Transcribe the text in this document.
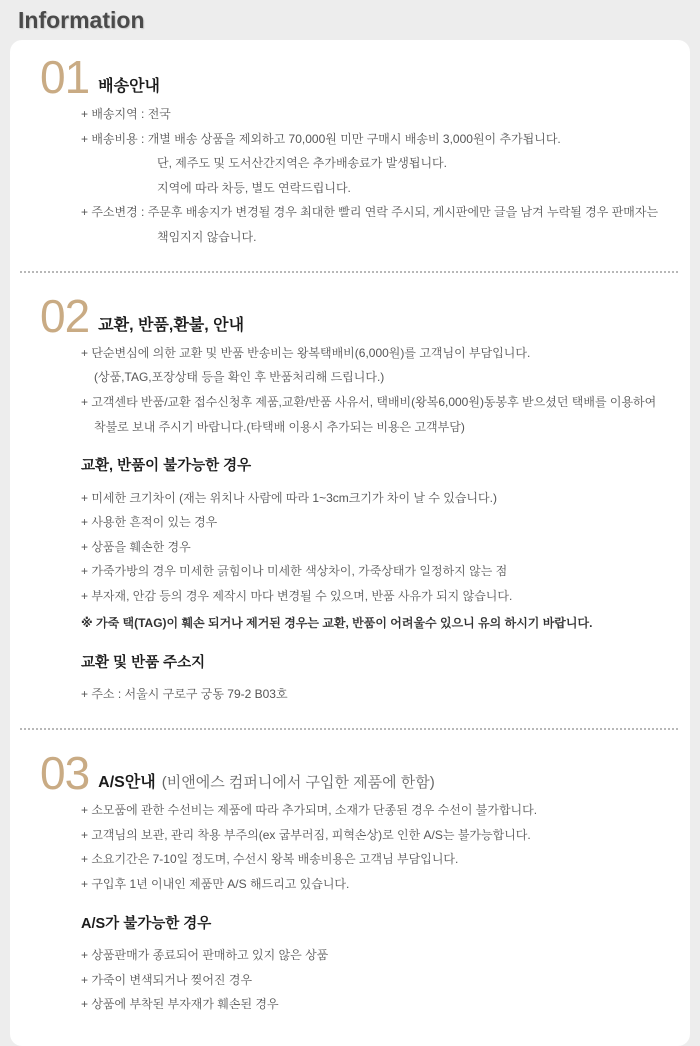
Information
01 배송안내

+ 배송지역 : 전국

+ 배송비용 : 개별 배송 상품을 제외하고 70,000원 미만 구매시 배송비 3,000원이 추가됩니다.

단, 제주도 및 도서산간지역은 추가배송료가 발생됩니다.

지역에 따라 차등, 별도 연락드립니다.

+ 주소변경 : 주문후 배송지가 변경될 경우 최대한 빨리 연락 주시되, 게시판에만 글을 남겨 누락될 경우 판매자는

책임지지 않습니다.

02 교환, 반품,환불, 안내

+ 단순변심에 의한 교환 및 반품 반송비는 왕복택배비(6,000원)를 고객님이 부담입니다.

(상품,TAG,포장상태 등을 확인 후 반품처리해 드립니다.)

+ 고객센타 반품/교환 접수신청후 제품,교환/반품 사유서, 택배비(왕복6,000원)동봉후 받으셨던 택배를 이용하여

착불로 보내 주시기 바랍니다.(타택배 이용시 추가되는 비용은 고객부담)

교환, 반품이 불가능한 경우

+ 미세한 크기차이 (재는 위치나 사람에 따라 1~3cm크기가 차이 날 수 있습니다.)

+ 사용한 흔적이 있는 경우

+ 상품을 훼손한 경우

+ 가죽가방의 경우 미세한 긁힘이나 미세한 색상차이, 가죽상태가 일정하지 않는 점

+ 부자재, 안감 등의 경우 제작시 마다 변경될 수 있으며, 반품 사유가 되지 않습니다.

※ 가죽 택(TAG)이 훼손 되거나 제거된 경우는 교환, 반품이 어려울수 있으니 유의 하시기 바랍니다.

교환 및 반품 주소지

+ 주소 : 서울시 구로구 궁동 79-2 B03호

03 A/S안내 (비앤에스 컴퍼니에서 구입한 제품에 한함)

+ 소모품에 관한 수선비는 제품에 따라 추가되며, 소재가 단종된 경우 수선이 불가합니다.

+ 고객님의 보관, 관리 착용 부주의(ex 굽부러짐, 피혁손상)로 인한 A/S는 불가능합니다.

+ 소요기간은 7-10일 정도며, 수선시 왕복 배송비용은 고객님 부담입니다.

+ 구입후 1년 이내인 제품만 A/S 해드리고 있습니다.

A/S가 불가능한 경우

+ 상품판매가 종료되어 판매하고 있지 않은 상품

+ 가죽이 변색되거나 찢어진 경우

+ 상품에 부착된 부자재가 훼손된 경우
